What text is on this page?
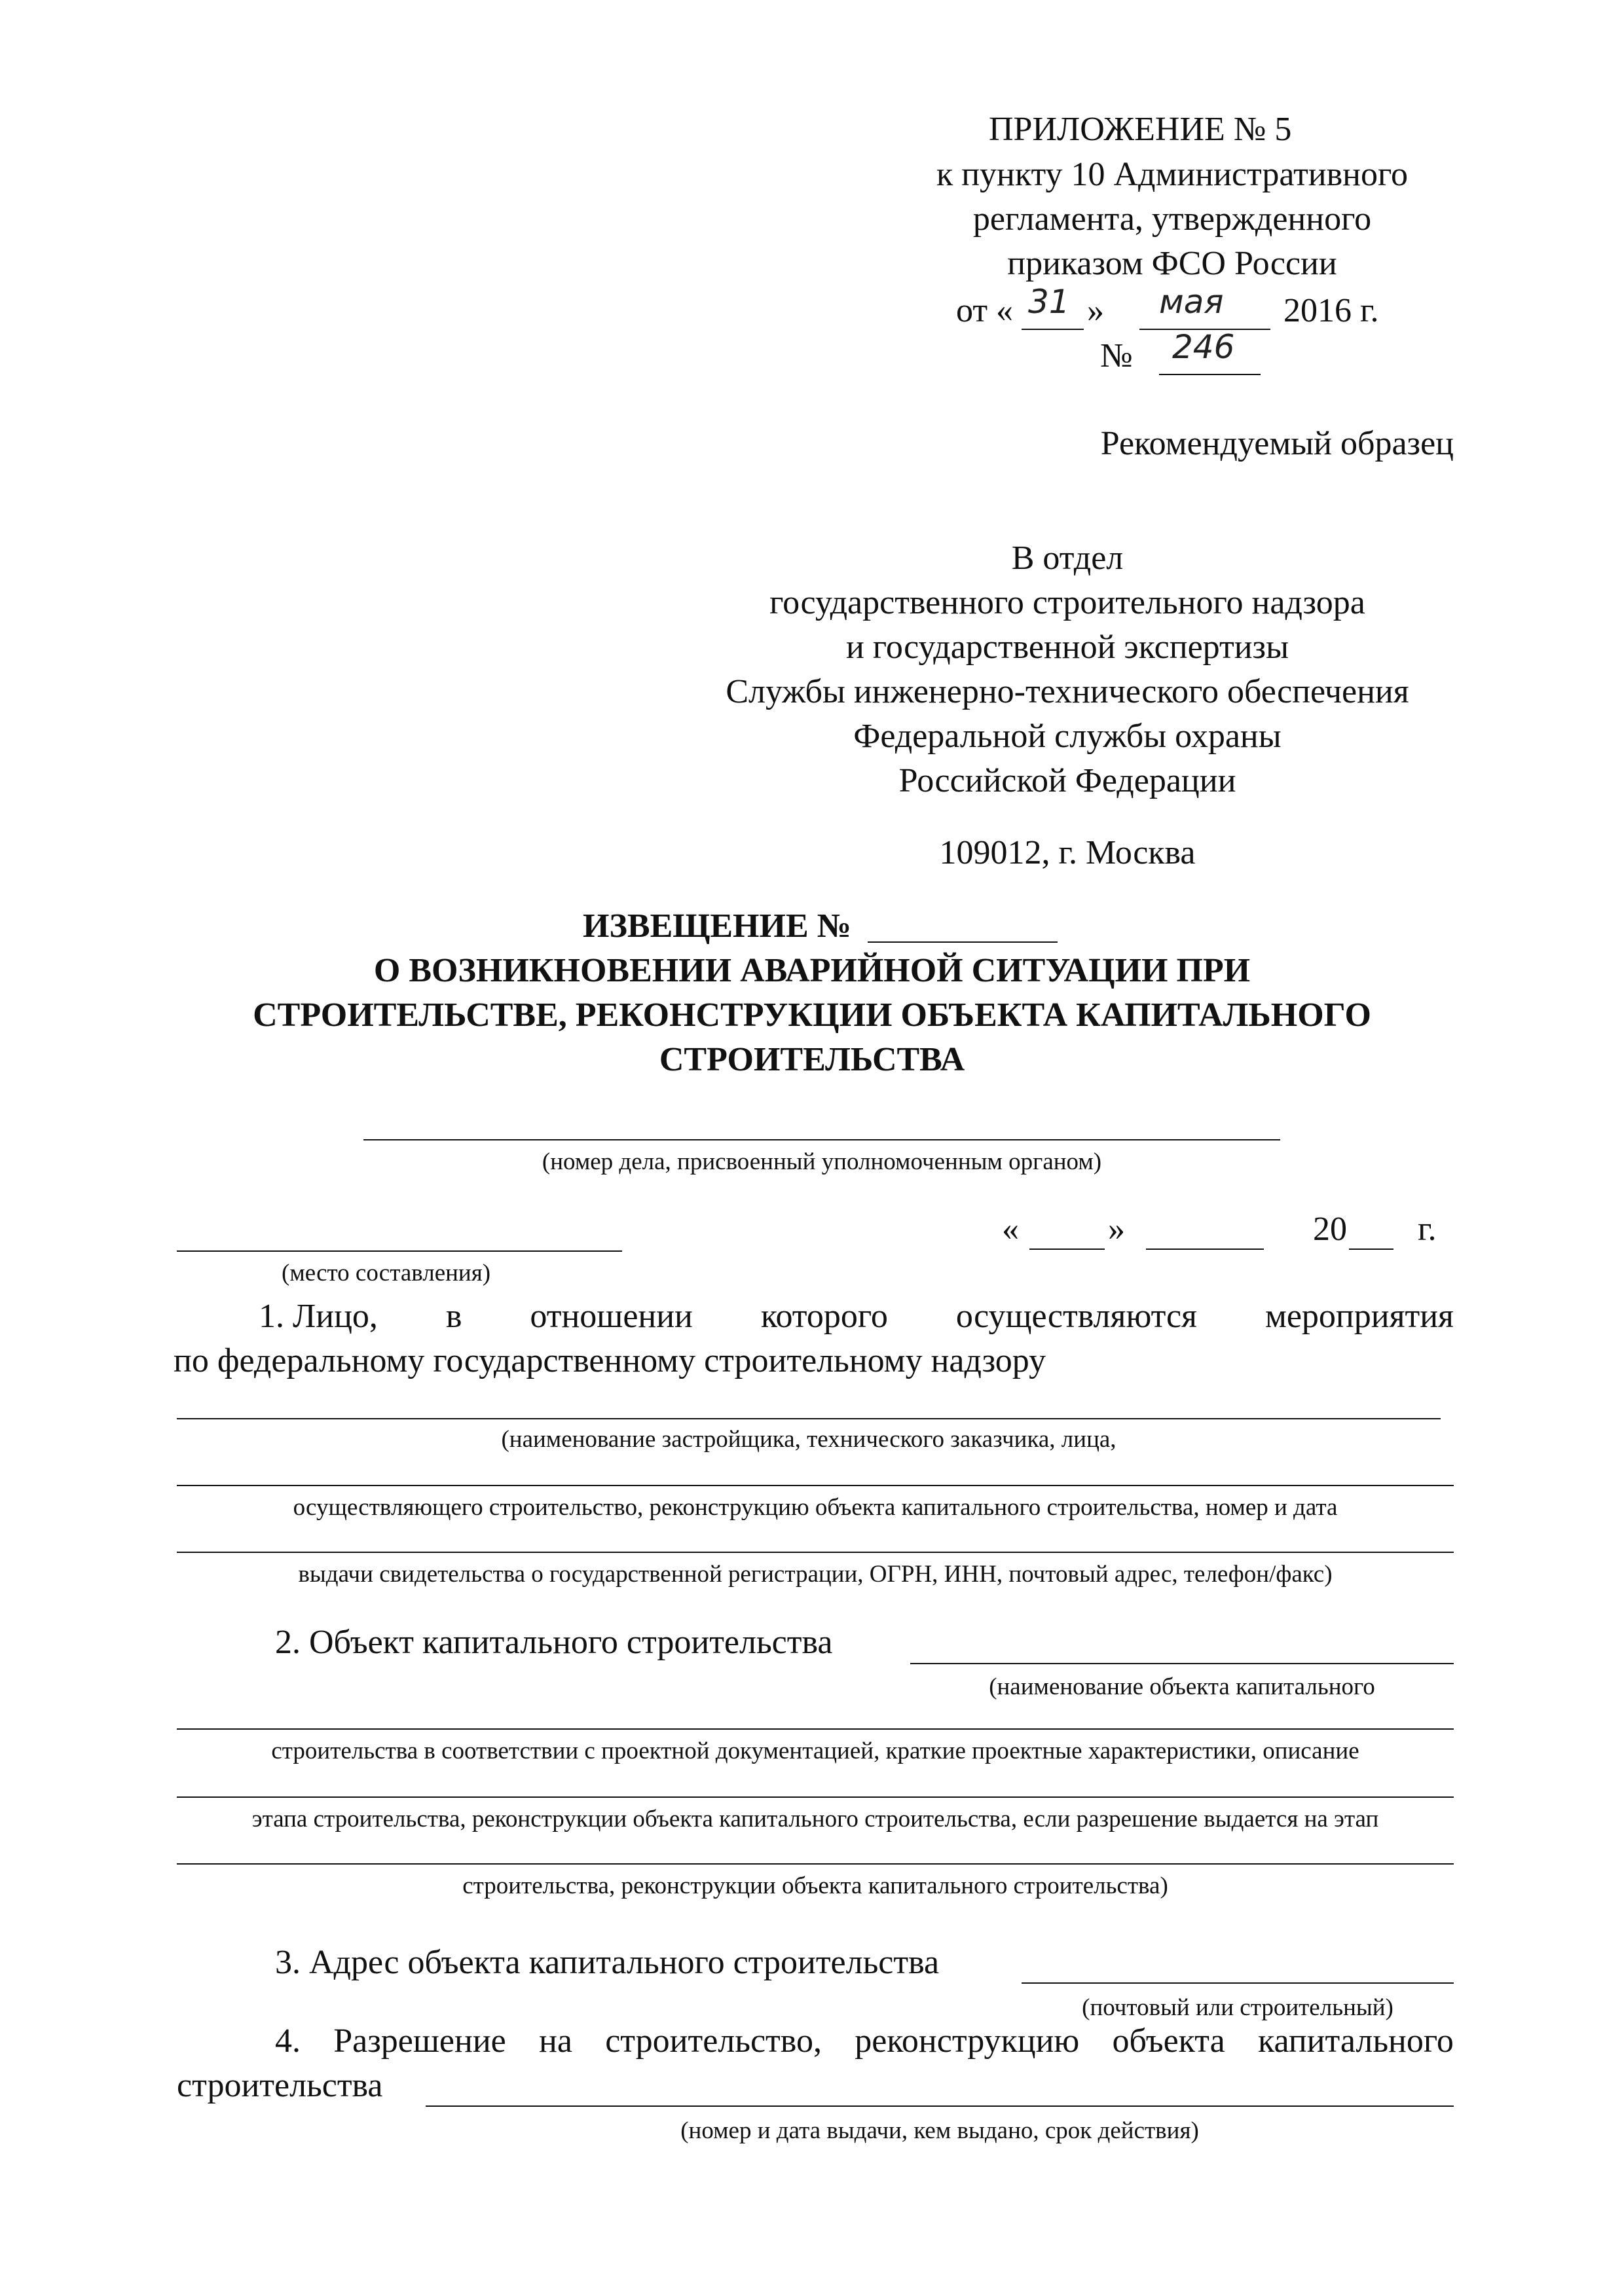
ПРИЛОЖЕНИЕ № 5
к пункту 10 Административного
регламента, утвержденного
приказом ФСО России
от « 31 » мая 2016 г.
№ 246
Рекомендуемый образец
В отдел
государственного строительного надзора
и государственной экспертизы
Службы инженерно-технического обеспечения
Федеральной службы охраны
Российской Федерации
109012, г. Москва
ИЗВЕЩЕНИЕ №
О ВОЗНИКНОВЕНИИ АВАРИЙНОЙ СИТУАЦИИ ПРИ
СТРОИТЕЛЬСТВЕ, РЕКОНСТРУКЦИИ ОБЪЕКТА КАПИТАЛЬНОГО
СТРОИТЕЛЬСТВА
(номер дела, присвоенный уполномоченным органом)
«	»	20 г.
(место составления)
1. Лицо, в отношении которого осуществляются мероприятия
по федеральному государственному строительному надзору
(наименование застройщика, технического заказчика, лица,
осуществляющего строительство, реконструкцию объекта капитального строительства, номер и дата
выдачи свидетельства о государственной регистрации, ОГРН, ИНН, почтовый адрес, телефон/факс)
2. Объект капитального строительства
(наименование объекта капитального
строительства в соответствии с проектной документацией, краткие проектные характеристики, описание
этапа строительства, реконструкции объекта капитального строительства, если разрешение выдается на этап
строительства, реконструкции объекта капитального строительства)
3. Адрес объекта капитального строительства
(почтовый или строительный)
4. Разрешение на строительство, реконструкцию объекта капитального
строительства
(номер и дата выдачи, кем выдано, срок действия)
